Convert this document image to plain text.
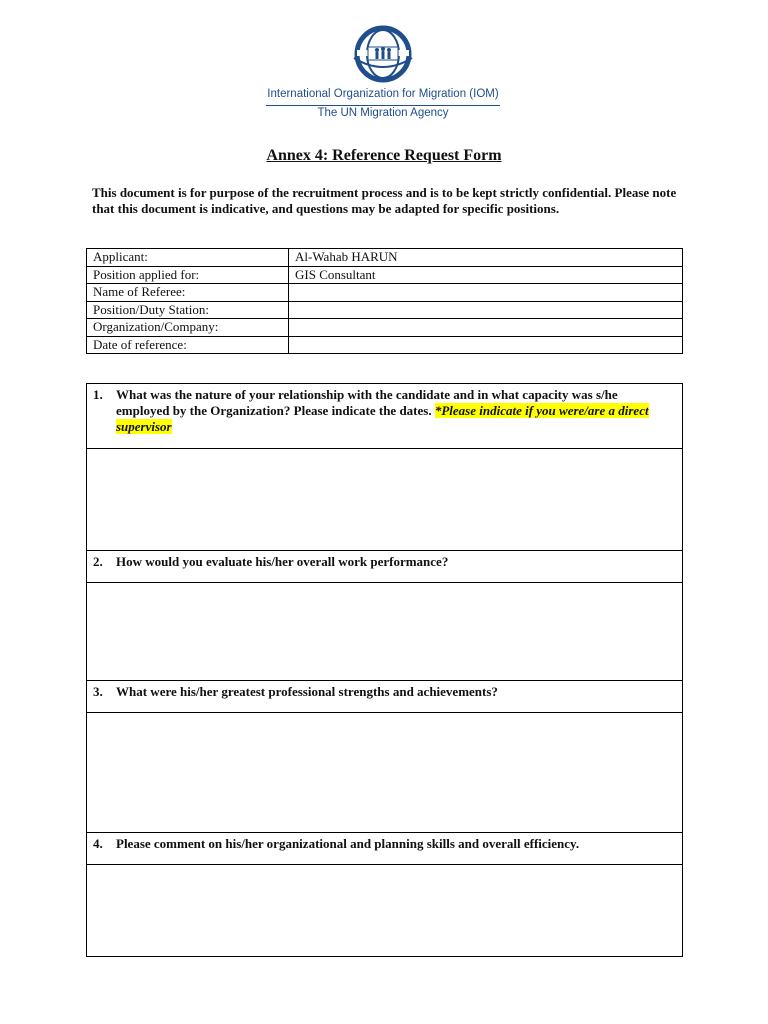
International Organization for Migration (IOM)
The UN Migration Agency
Annex 4: Reference Request Form
This document is for purpose of the recruitment process and is to be kept strictly confidential. Please note that this document is indicative, and questions may be adapted for specific positions.
Applicant:	Al-Wahab HARUN
Position applied for:	GIS Consultant
Name of Referee:	
Position/Duty Station:	
Organization/Company:	
Date of reference:	
1.	What was the nature of your relationship with the candidate and in what capacity was s/he employed by the Organization? Please indicate the dates. *Please indicate if you were/are a direct supervisor
2.	How would you evaluate his/her overall work performance?
3.	What were his/her greatest professional strengths and achievements?
4.	Please comment on his/her organizational and planning skills and overall efficiency.
